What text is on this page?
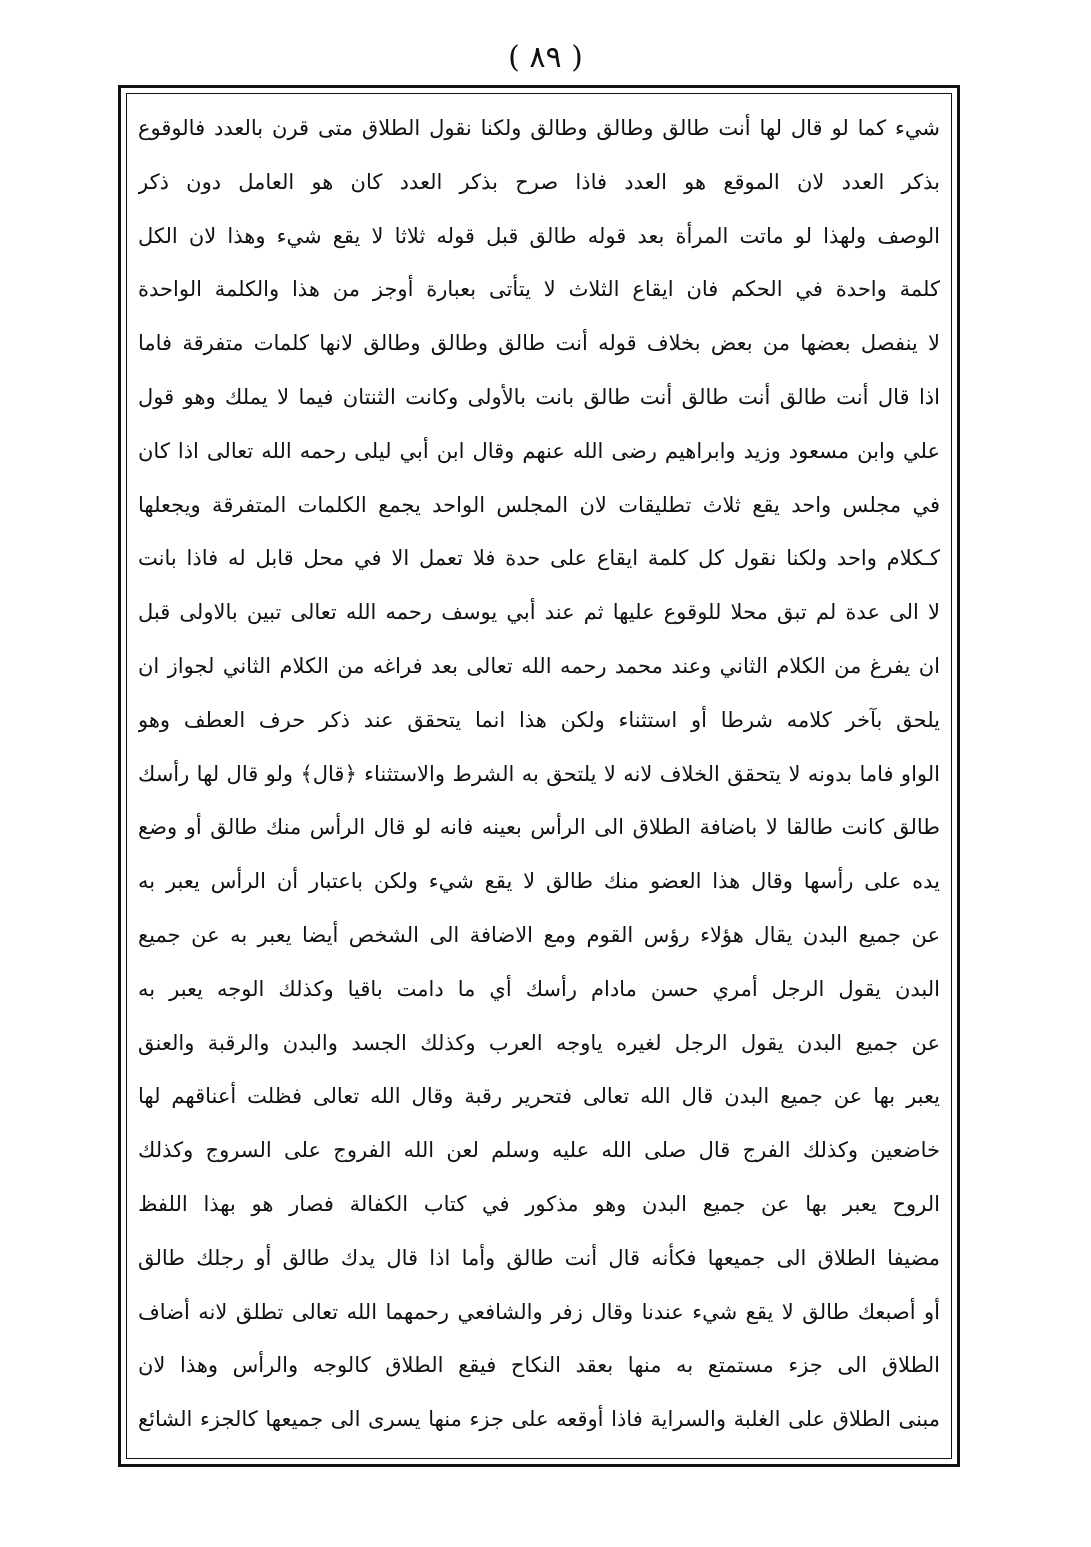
( ٨٩ )
شيء كما لو قال لها أنت طالق وطالق وطالق ولكنا نقول الطلاق متى قرن بالعدد فالوقوع
بذكر العدد لان الموقع هو العدد فاذا صرح بذكر العدد كان هو العامل دون ذكر
الوصف ولهذا لو ماتت المرأة بعد قوله طالق قبل قوله ثلاثا لا يقع شيء وهذا لان الكل
كلمة واحدة في الحكم فان ايقاع الثلاث لا يتأتى بعبارة أوجز من هذا والكلمة الواحدة
لا ينفصل بعضها من بعض بخلاف قوله أنت طالق وطالق وطالق لانها كلمات متفرقة فاما
اذا قال أنت طالق أنت طالق أنت طالق بانت بالأولى وكانت الثنتان فيما لا يملك وهو قول
علي وابن مسعود وزيد وابراهيم رضى الله عنهم وقال ابن أبي ليلى رحمه الله تعالى اذا كان
في مجلس واحد يقع ثلاث تطليقات لان المجلس الواحد يجمع الكلمات المتفرقة ويجعلها
كـكلام واحد ولكنا نقول كل كلمة ايقاع على حدة فلا تعمل الا في محل قابل له فاذا بانت
لا الى عدة لم تبق محلا للوقوع عليها ثم عند أبي يوسف رحمه الله تعالى تبين بالاولى قبل
ان يفرغ من الكلام الثاني وعند محمد رحمه الله تعالى بعد فراغه من الكلام الثاني لجواز ان
يلحق بآخر كلامه شرطا أو استثناء ولكن هذا انما يتحقق عند ذكر حرف العطف وهو
الواو فاما بدونه لا يتحقق الخلاف لانه لا يلتحق به الشرط والاستثناء ﴿قال﴾ ولو قال لها رأسك
طالق كانت طالقا لا باضافة الطلاق الى الرأس بعينه فانه لو قال الرأس منك طالق أو وضع
يده على رأسها وقال هذا العضو منك طالق لا يقع شيء ولكن باعتبار أن الرأس يعبر به
عن جميع البدن يقال هؤلاء رؤس القوم ومع الاضافة الى الشخص أيضا يعبر به عن جميع
البدن يقول الرجل أمري حسن مادام رأسك أي ما دامت باقيا وكذلك الوجه يعبر به
عن جميع البدن يقول الرجل لغيره ياوجه العرب وكذلك الجسد والبدن والرقبة والعنق
يعبر بها عن جميع البدن قال الله تعالى فتحرير رقبة وقال الله تعالى فظلت أعناقهم لها
خاضعين وكذلك الفرج قال صلى الله عليه وسلم لعن الله الفروج على السروج وكذلك
الروح يعبر بها عن جميع البدن وهو مذكور في كتاب الكفالة فصار هو بهذا اللفظ
مضيفا الطلاق الى جميعها فكأنه قال أنت طالق وأما اذا قال يدك طالق أو رجلك طالق
أو أصبعك طالق لا يقع شيء عندنا وقال زفر والشافعي رحمهما الله تعالى تطلق لانه أضاف
الطلاق الى جزء مستمتع به منها بعقد النكاح فيقع الطلاق كالوجه والرأس وهذا لان
مبنى الطلاق على الغلبة والسراية فاذا أوقعه على جزء منها يسرى الى جميعها كالجزء الشائع
